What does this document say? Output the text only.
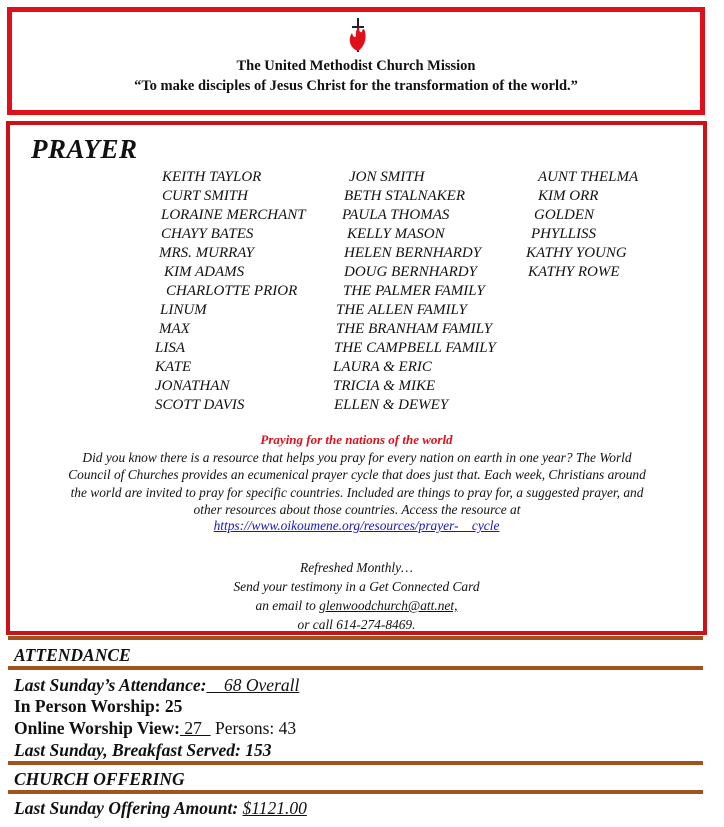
The United Methodist Church Mission
“To make disciples of Jesus Christ for the transformation of the world.”
PRAYER
KEITH TAYLOR
CURT SMITH
LORAINE MERCHANT
CHAYY BATES
MRS. MURRAY
KIM ADAMS
CHARLOTTE PRIOR
LINUM
MAX
LISA
KATE
JONATHAN
SCOTT DAVIS
JON SMITH
BETH STALNAKER
PAULA THOMAS
KELLY MASON
HELEN BERNHARDY
DOUG BERNHARDY
THE PALMER FAMILY
THE ALLEN FAMILY
THE BRANHAM FAMILY
THE CAMPBELL FAMILY
LAURA & ERIC
TRICIA & MIKE
ELLEN & DEWEY
AUNT THELMA
KIM ORR
GOLDEN
PHYLLISS
KATHY YOUNG
KATHY ROWE
Praying for the nations of the world
Did you know there is a resource that helps you pray for every nation on earth in one year? The World
Council of Churches provides an ecumenical prayer cycle that does just that. Each week, Christians around
the world are invited to pray for specific countries. Included are things to pray for, a suggested prayer, and
other resources about those countries. Access the resource at
https://www.oikoumene.org/resources/prayer-    cycle
Refreshed Monthly…
Send your testimony in a Get Connected Card
an email to glenwoodchurch@att.net,
or call 614-274-8469.
ATTENDANCE
Last Sunday’s Attendance:    68 Overall
In Person Worship: 25
Online Worship View: 27   Persons: 43
Last Sunday, Breakfast Served: 153
CHURCH OFFERING
Last Sunday Offering Amount: $1121.00
